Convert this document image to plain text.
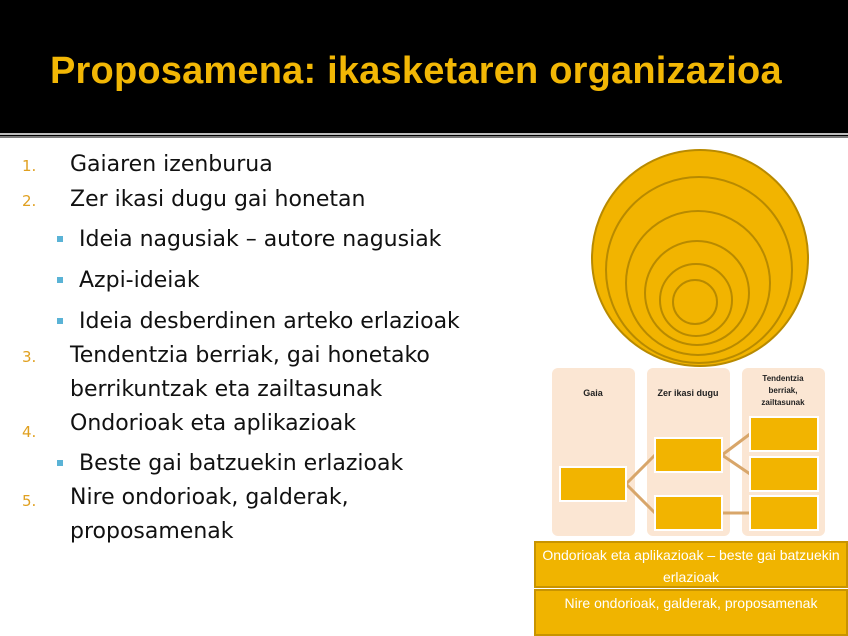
Proposamena: ikasketaren organizazioa
1. Gaiaren izenburua
2. Zer ikasi dugu gai honetan
Ideia nagusiak – autore nagusiak
Azpi-ideiak
Ideia desberdinen arteko erlazioak
3. Tendentzia berriak, gai honetako
berrikuntzak eta zailtasunak
4. Ondorioak eta aplikazioak
Beste gai batzuekin erlazioak
5. Nire ondorioak, galderak,
proposamenak
Gaia	Zer ikasi dugu
Tendentzia
berriak,
zailtasunak
Ondorioak eta aplikazioak – beste gai batzuekin erlazioak
Nire ondorioak, galderak, proposamenak
